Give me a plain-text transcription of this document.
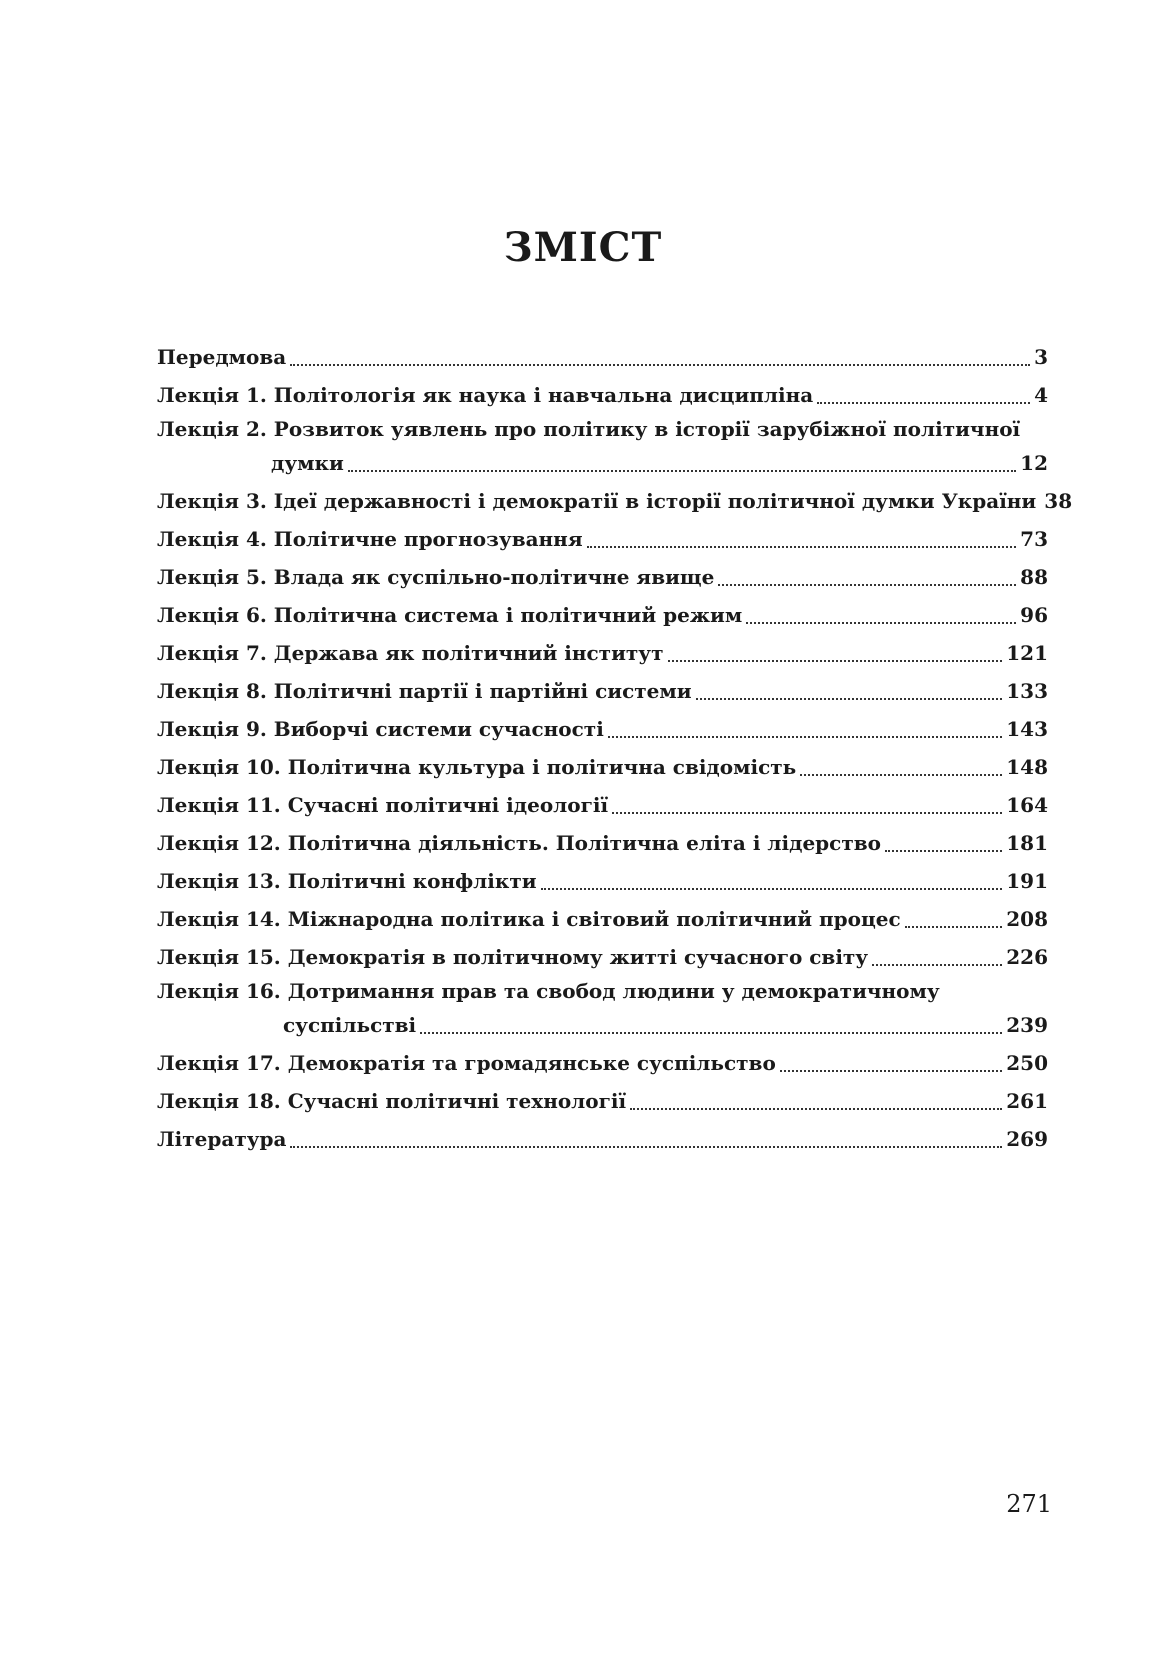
ЗМІСТ
Передмова	3
Лекція 1. Політологія як наука і навчальна дисципліна	4
Лекція 2. Розвиток уявлень про політику в історії зарубіжної політичної
думки	12
Лекція 3. Ідеї державності і демократії в історії політичної думки України 38
Лекція 4. Політичне прогнозування	73
Лекція 5. Влада як суспільно-політичне явище	88
Лекція 6. Політична система і політичний режим	96
Лекція 7. Держава як політичний інститут	121
Лекція 8. Політичні партії і партійні системи	133
Лекція 9. Виборчі системи сучасності	143
Лекція 10. Політична культура і політична свідомість	148
Лекція 11. Сучасні політичні ідеології	164
Лекція 12. Політична діяльність. Політична еліта і лідерство	181
Лекція 13. Політичні конфлікти	191
Лекція 14. Міжнародна політика і світовий політичний процес	208
Лекція 15. Демократія в політичному житті сучасного світу	226
Лекція 16. Дотримання прав та свобод людини у демократичному
суспільстві	239
Лекція 17. Демократія та громадянське суспільство	250
Лекція 18. Сучасні політичні технології	261
Література	269

271
